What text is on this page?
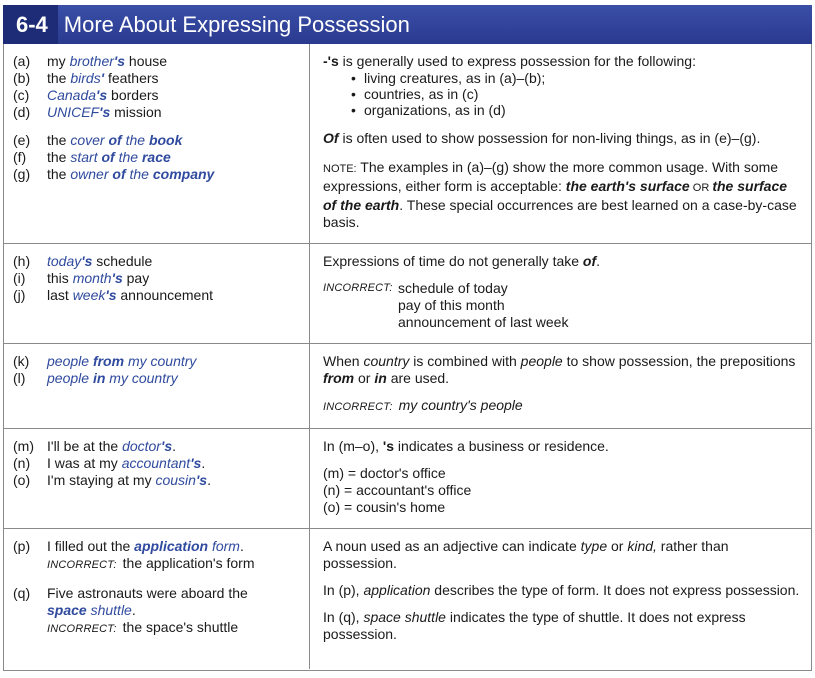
6-4 More About Expressing Possession
(a)	my brother's house
(b)	the birds' feathers
(c)	Canada's borders
(d)	UNICEF's mission
(e)	the cover of the book
(f)	the start of the race
(g)	the owner of the company
-'s is generally used to express possession for the following:
• living creatures, as in (a)–(b);
• countries, as in (c)
• organizations, as in (d)
Of is often used to show possession for non-living things, as in (e)–(g).
NOTE: The examples in (a)–(g) show the more common usage. With some expressions, either form is acceptable: the earth's surface OR the surface of the earth. These special occurrences are best learned on a case-by-case basis.
(h)	today's schedule
(i)	this month's pay
(j)	last week's announcement
Expressions of time do not generally take of.
INCORRECT: schedule of today
pay of this month
announcement of last week
(k)	people from my country
(l)	people in my country
When country is combined with people to show possession, the prepositions from or in are used.
INCORRECT: my country's people
(m) I'll be at the doctor's.
(n)	I was at my accountant's.
(o)	I'm staying at my cousin's.
In (m–o), 's indicates a business or residence.
(m) = doctor's office
(n) = accountant's office
(o) = cousin's home
(p)	I filled out the application form.
INCORRECT: the application's form
(q)	Five astronauts were aboard the
space shuttle.
INCORRECT: the space's shuttle
A noun used as an adjective can indicate type or kind, rather than possession.
In (p), application describes the type of form. It does not express possession.
In (q), space shuttle indicates the type of shuttle. It does not express possession.
